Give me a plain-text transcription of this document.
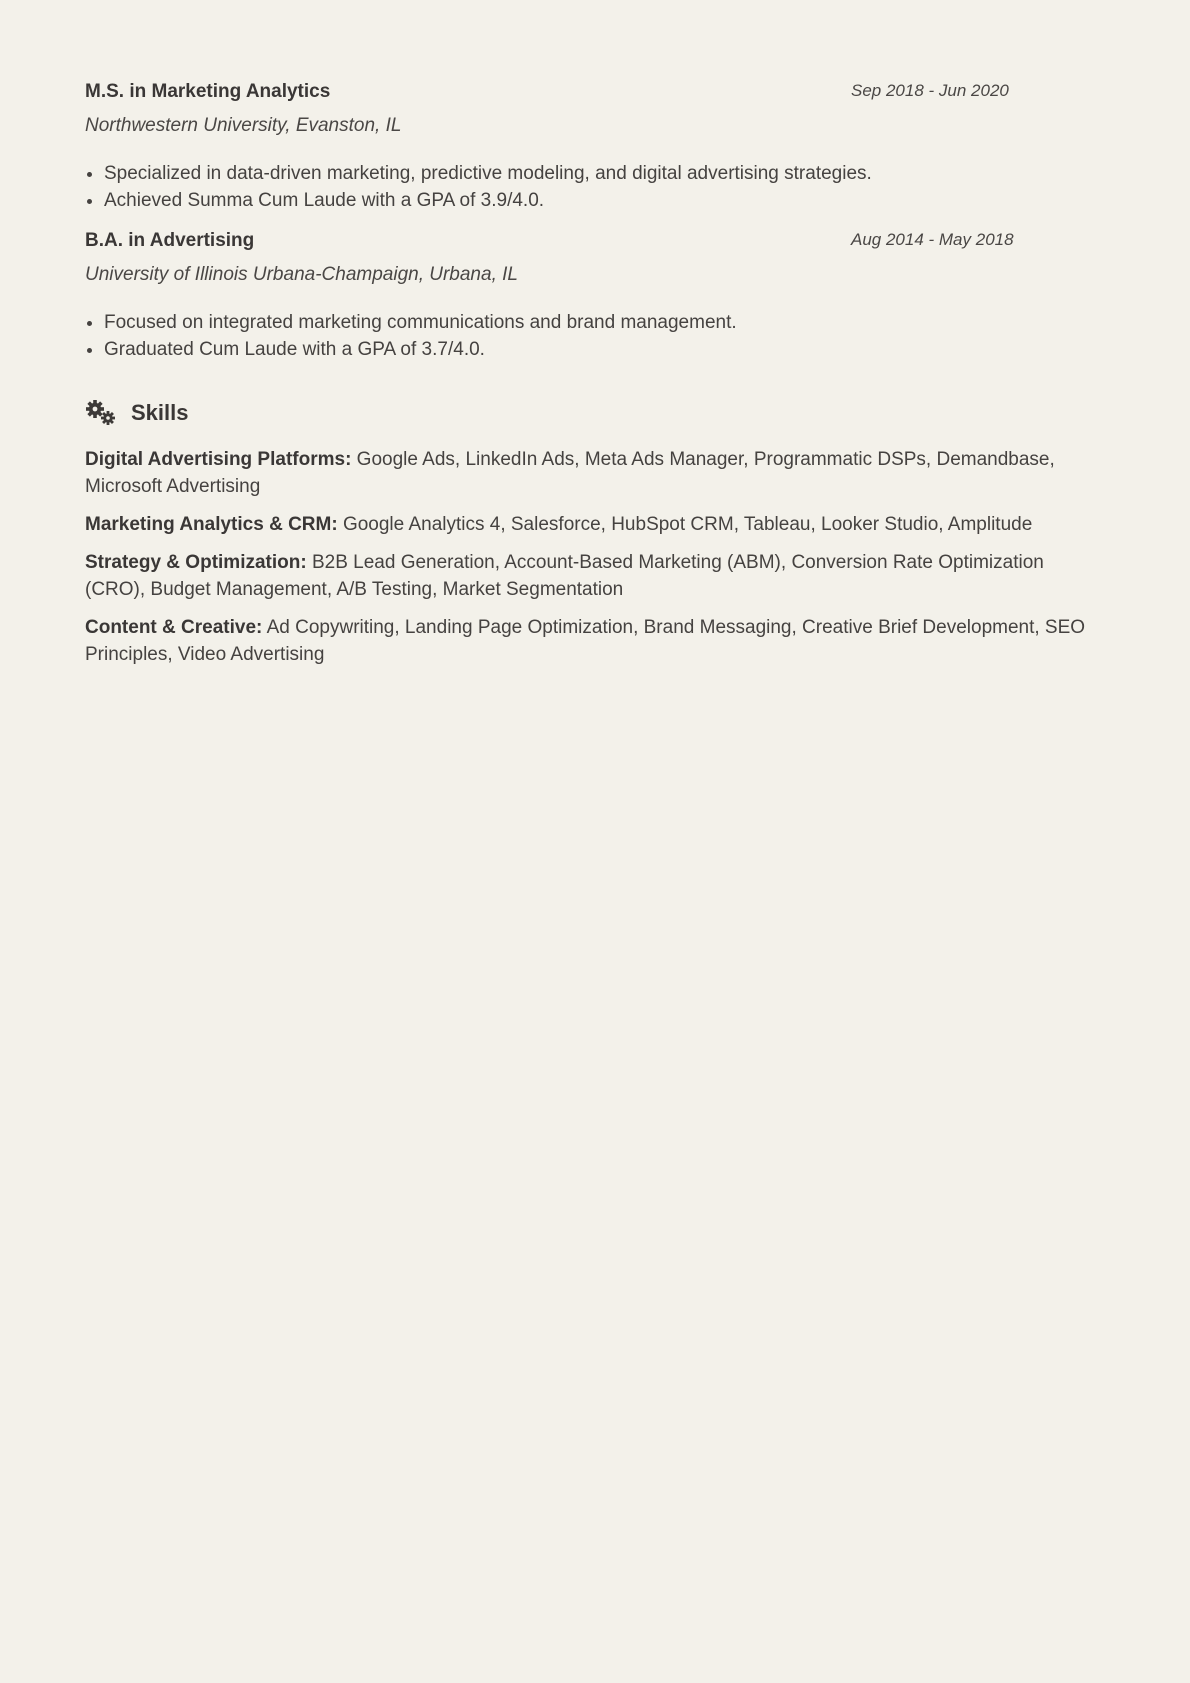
M.S. in Marketing Analytics	Sep 2018 - Jun 2020
Northwestern University, Evanston, IL
Specialized in data-driven marketing, predictive modeling, and digital advertising strategies.
Achieved Summa Cum Laude with a GPA of 3.9/4.0.
B.A. in Advertising	Aug 2014 - May 2018
University of Illinois Urbana-Champaign, Urbana, IL
Focused on integrated marketing communications and brand management.
Graduated Cum Laude with a GPA of 3.7/4.0.
Skills
Digital Advertising Platforms: Google Ads, LinkedIn Ads, Meta Ads Manager, Programmatic DSPs, Demandbase, Microsoft Advertising
Marketing Analytics & CRM: Google Analytics 4, Salesforce, HubSpot CRM, Tableau, Looker Studio, Amplitude
Strategy & Optimization: B2B Lead Generation, Account-Based Marketing (ABM), Conversion Rate Optimization (CRO), Budget Management, A/B Testing, Market Segmentation
Content & Creative: Ad Copywriting, Landing Page Optimization, Brand Messaging, Creative Brief Development, SEO Principles, Video Advertising
